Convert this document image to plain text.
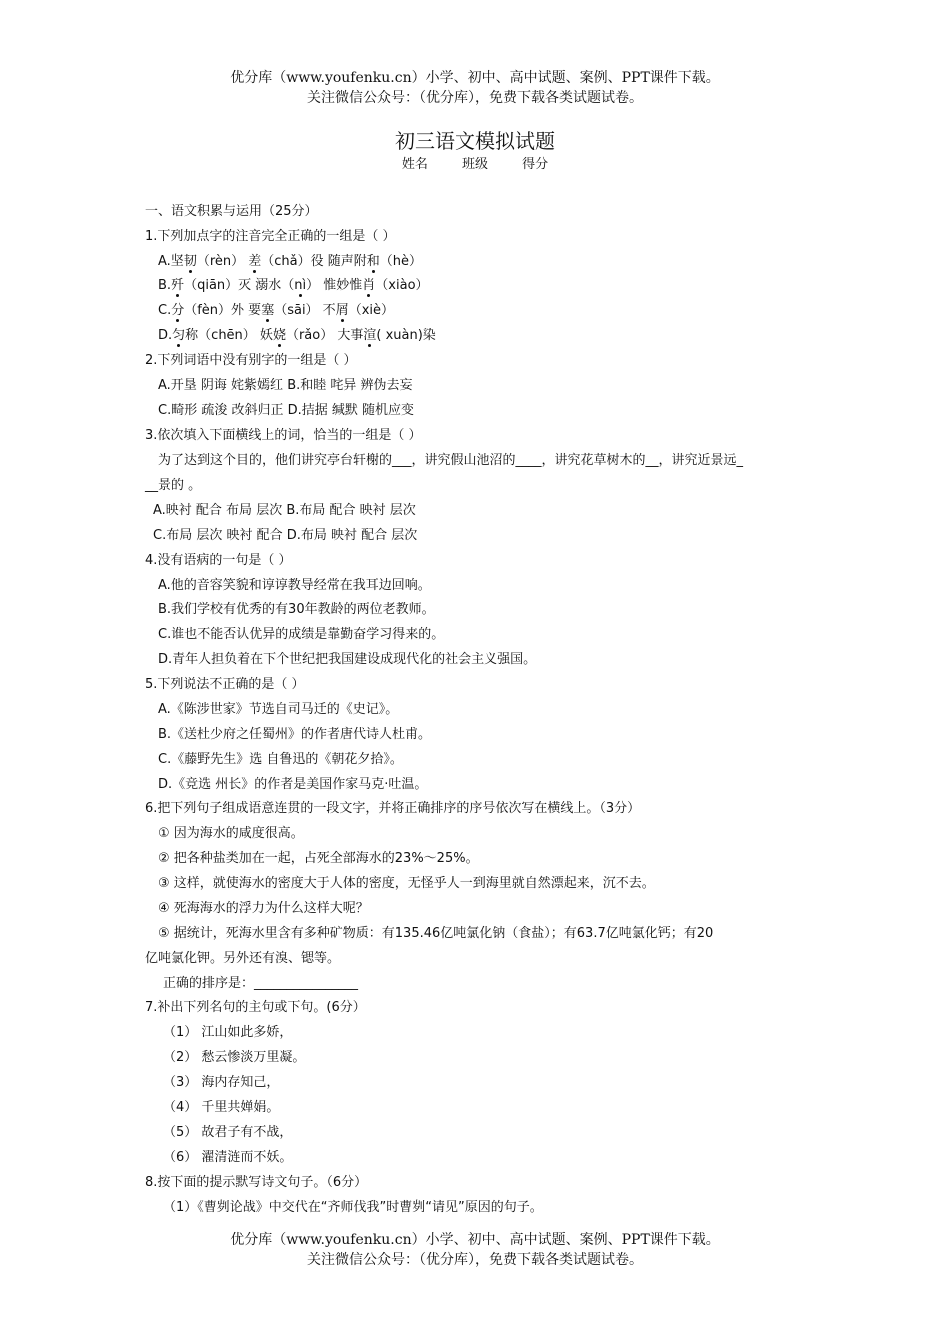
优分库（www.youfenku.cn）小学、初中、高中试题、案例、PPT课件下载。
关注微信公众号：（优分库），免费下载各类试题试卷。
初三语文模拟试题
姓名	班级	得分
一、语文积累与运用（25分）
1.下列加点字的注音完全正确的一组是（ ）
A.坚韧（rèn） 差（chǎ）役 随声附和（hè）
B.歼（qiān）灭 溺水（nì） 惟妙惟肖（xiào）
C.分（fèn）外 要塞（sāi） 不屑（xiè）
D.匀称（chēn） 妖娆（rǎo） 大事渲( xuàn)染
2.下列词语中没有别字的一组是（ ）
A.开垦 阴诲 姹紫嫣红 B.和睦 咤异 辨伪去妄
C.畸形 疏浚 改斜归正 D.拮据 缄默 随机应变
3.依次填入下面横线上的词，恰当的一组是（ ）
为了达到这个目的，他们讲究亭台轩榭的___，讲究假山池沼的____，讲究花草树木的__，讲究近景远_
__景的 。
A.映衬 配合 布局 层次 B.布局 配合 映衬 层次
C.布局 层次 映衬 配合 D.布局 映衬 配合 层次
4.没有语病的一句是（ ）
A.他的音容笑貌和谆谆教导经常在我耳边回响。
B.我们学校有优秀的有30年教龄的两位老教师。
C.谁也不能否认优异的成绩是靠勤奋学习得来的。
D.青年人担负着在下个世纪把我国建设成现代化的社会主义强国。
5.下列说法不正确的是（ ）
A.《陈涉世家》节选自司马迁的《史记》。
B.《送杜少府之任蜀州》的作者唐代诗人杜甫。
C.《藤野先生》选 自鲁迅的《朝花夕拾》。
D.《竞选 州长》的作者是美国作家马克·吐温。
6.把下列句子组成语意连贯的一段文字，并将正确排序的序号依次写在横线上。（3分）
① 因为海水的咸度很高。
② 把各种盐类加在一起，占死全部海水的23%～25%。
③ 这样，就使海水的密度大于人体的密度，无怪乎人一到海里就自然漂起来，沉不去。
④ 死海海水的浮力为什么这样大呢？
⑤ 据统计，死海水里含有多种矿物质：有135.46亿吨氯化钠（食盐）；有63.7亿吨氯化钙；有20
亿吨氯化钾。另外还有溴、锶等。
正确的排序是：________________
7.补出下列名句的主句或下句。(6分）
（1） 江山如此多娇，
（2） 愁云惨淡万里凝。
（3） 海内存知己，
（4） 千里共婵娟。
（5） 故君子有不战，
（6） 濯清涟而不妖。
8.按下面的提示默写诗文句子。（6分）
（1）《曹刿论战》中交代在“齐师伐我”时曹刿“请见”原因的句子。
优分库（www.youfenku.cn）小学、初中、高中试题、案例、PPT课件下载。
关注微信公众号：（优分库），免费下载各类试题试卷。
